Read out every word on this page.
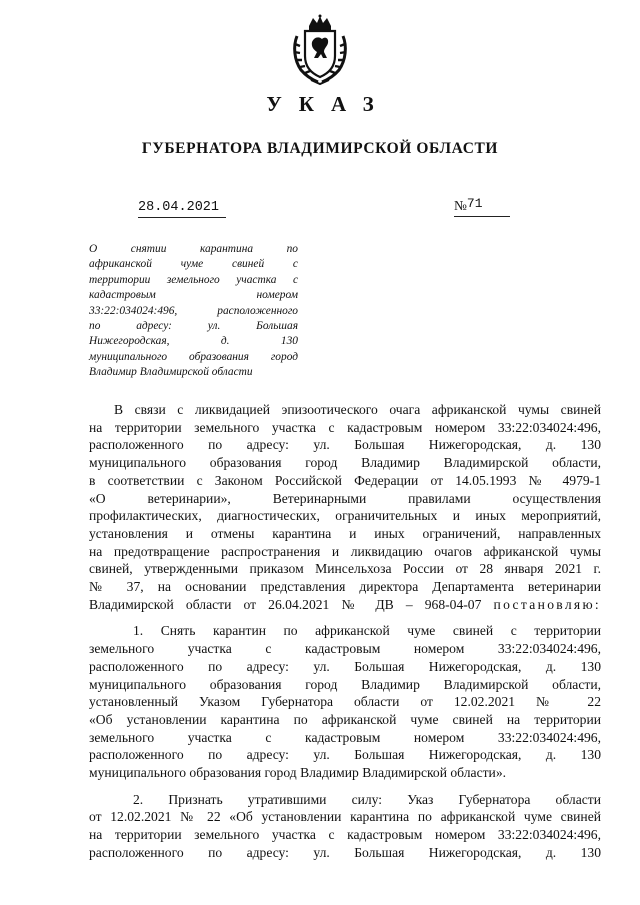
УКАЗ
ГУБЕРНАТОРА ВЛАДИМИРСКОЙ ОБЛАСТИ
28.04.2021	№71
О снятии карантина по
африканской чуме свиней с
территории земельного участка с
кадастровым номером
33:22:034024:496, расположенного
по адресу: ул. Большая
Нижегородская, д. 130
муниципального образования город
Владимир Владимирской области
В связи с ликвидацией эпизоотического очага африканской чумы свиней
на территории земельного участка с кадастровым номером 33:22:034024:496,
расположенного по адресу: ул. Большая Нижегородская, д. 130
муниципального образования город Владимир Владимирской области,
в соответствии с Законом Российской Федерации от 14.05.1993 № 4979-1
«О ветеринарии», Ветеринарными правилами осуществления
профилактических, диагностических, ограничительных и иных мероприятий,
установления и отмены карантина и иных ограничений, направленных
на предотвращение распространения и ликвидацию очагов африканской чумы
свиней, утвержденными приказом Минсельхоза России от 28 января 2021 г.
№ 37, на основании представления директора Департамента ветеринарии
Владимирской области от 26.04.2021 № ДВ – 968-04-07 постановляю:
1. Снять карантин по африканской чуме свиней с территории
земельного участка с кадастровым номером 33:22:034024:496,
расположенного по адресу: ул. Большая Нижегородская, д. 130
муниципального образования город Владимир Владимирской области,
установленный Указом Губернатора области от 12.02.2021 № 22
«Об установлении карантина по африканской чуме свиней на территории
земельного участка с кадастровым номером 33:22:034024:496,
расположенного по адресу: ул. Большая Нижегородская, д. 130
муниципального образования город Владимир Владимирской области».
2. Признать утратившими силу: Указ Губернатора области
от 12.02.2021 № 22 «Об установлении карантина по африканской чуме свиней
на территории земельного участка с кадастровым номером 33:22:034024:496,
расположенного по адресу: ул. Большая Нижегородская, д. 130
